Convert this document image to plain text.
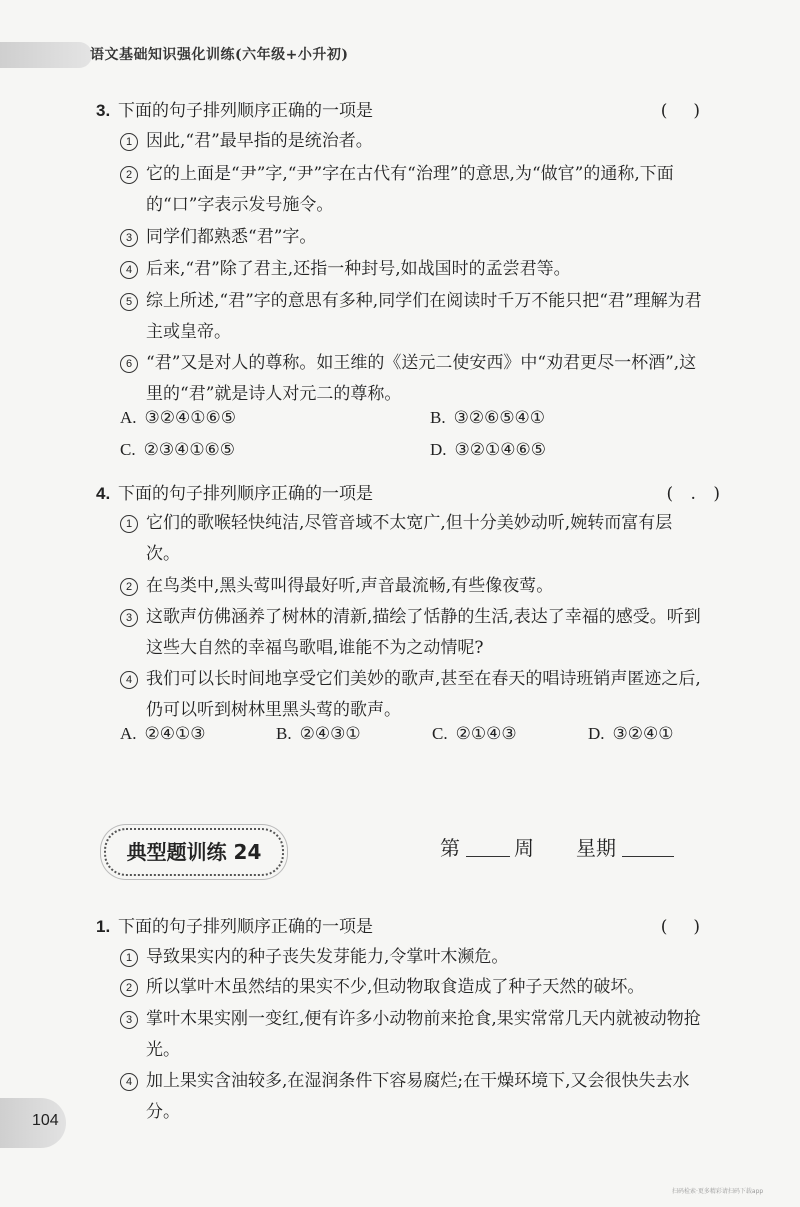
语文基础知识强化训练(六年级+小升初)
3. 下面的句子排列顺序正确的一项是	()
1 因此,“君”最早指的是统治者。
2 它的上面是“尹”字,“尹”字在古代有“治理”的意思,为“做官”的通称,下面的“口”字表示发号施令。
3 同学们都熟悉“君”字。
4 后来,“君”除了君主,还指一种封号,如战国时的孟尝君等。
5 综上所述,“君”字的意思有多种,同学们在阅读时千万不能只把“君”理解为君主或皇帝。
6 “君”又是对人的尊称。如王维的《送元二使安西》中“劝君更尽一杯酒”,这里的“君”就是诗人对元二的尊称。
A. ③②④①⑥⑤	B. ③②⑥⑤④①
C. ②③④①⑥⑤	D. ③②①④⑥⑤
4. 下面的句子排列顺序正确的一项是	( . )
1 它们的歌喉轻快纯洁,尽管音域不太宽广,但十分美妙动听,婉转而富有层次。
2 在鸟类中,黑头莺叫得最好听,声音最流畅,有些像夜莺。
3 这歌声仿佛涵养了树林的清新,描绘了恬静的生活,表达了幸福的感受。听到这些大自然的幸福鸟歌唱,谁能不为之动情呢?
4 我们可以长时间地享受它们美妙的歌声,甚至在春天的唱诗班销声匿迹之后,仍可以听到树林里黑头莺的歌声。
A. ②④①③	B. ②④③①	C. ②①④③	D. ③②④①
典型题训练 24	第	周 星期
1. 下面的句子排列顺序正确的一项是	()
1 导致果实内的种子丧失发芽能力,令掌叶木濒危。
2 所以掌叶木虽然结的果实不少,但动物取食造成了种子天然的破坏。
3 掌叶木果实刚一变红,便有许多小动物前来抢食,果实常常几天内就被动物抢光。
4 加上果实含油较多,在湿润条件下容易腐烂;在干燥环境下,又会很快失去水分。
104
扫码检索·更多精彩请扫码下载app
